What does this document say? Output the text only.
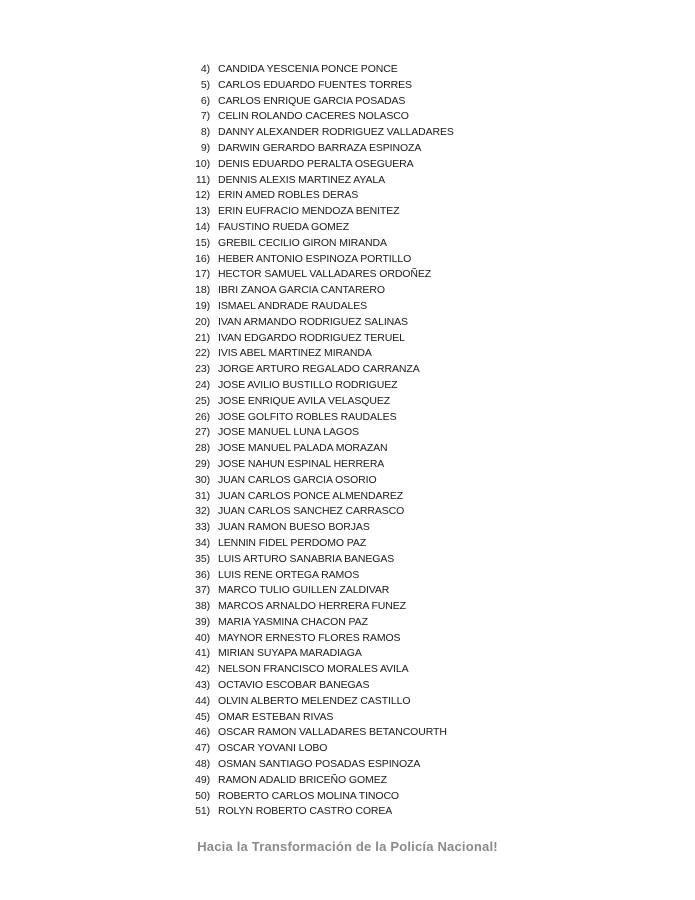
4) CANDIDA YESCENIA PONCE PONCE
5) CARLOS EDUARDO FUENTES TORRES
6) CARLOS ENRIQUE GARCIA POSADAS
7) CELIN ROLANDO CACERES NOLASCO
8) DANNY ALEXANDER RODRIGUEZ VALLADARES
9) DARWIN GERARDO BARRAZA ESPINOZA
10) DENIS EDUARDO PERALTA OSEGUERA
11) DENNIS ALEXIS MARTINEZ AYALA
12) ERIN AMED ROBLES DERAS
13) ERIN EUFRACIO MENDOZA BENITEZ
14) FAUSTINO RUEDA GOMEZ
15) GREBIL CECILIO GIRON MIRANDA
16) HEBER ANTONIO ESPINOZA PORTILLO
17) HECTOR SAMUEL VALLADARES ORDOÑEZ
18) IBRI ZANOA GARCIA CANTARERO
19) ISMAEL ANDRADE RAUDALES
20) IVAN ARMANDO RODRIGUEZ SALINAS
21) IVAN EDGARDO RODRIGUEZ TERUEL
22) IVIS ABEL MARTINEZ MIRANDA
23) JORGE ARTURO REGALADO CARRANZA
24) JOSE AVILIO BUSTILLO RODRIGUEZ
25) JOSE ENRIQUE AVILA VELASQUEZ
26) JOSE GOLFITO ROBLES RAUDALES
27) JOSE MANUEL LUNA LAGOS
28) JOSE MANUEL PALADA MORAZAN
29) JOSE NAHUN ESPINAL HERRERA
30) JUAN CARLOS GARCIA OSORIO
31) JUAN CARLOS PONCE ALMENDAREZ
32) JUAN CARLOS SANCHEZ CARRASCO
33) JUAN RAMON BUESO BORJAS
34) LENNIN FIDEL PERDOMO PAZ
35) LUIS ARTURO SANABRIA BANEGAS
36) LUIS RENE ORTEGA RAMOS
37) MARCO TULIO GUILLEN ZALDIVAR
38) MARCOS ARNALDO HERRERA FUNEZ
39) MARIA YASMINA CHACON PAZ
40) MAYNOR ERNESTO FLORES RAMOS
41) MIRIAN SUYAPA MARADIAGA
42) NELSON FRANCISCO MORALES AVILA
43) OCTAVIO ESCOBAR BANEGAS
44) OLVIN ALBERTO MELENDEZ CASTILLO
45) OMAR ESTEBAN RIVAS
46) OSCAR RAMON VALLADARES BETANCOURTH
47) OSCAR YOVANI LOBO
48) OSMAN SANTIAGO POSADAS ESPINOZA
49) RAMON ADALID BRICEÑO GOMEZ
50) ROBERTO CARLOS MOLINA TINOCO
51) ROLYN ROBERTO CASTRO COREA
Hacia la Transformación de la Policía Nacional!
